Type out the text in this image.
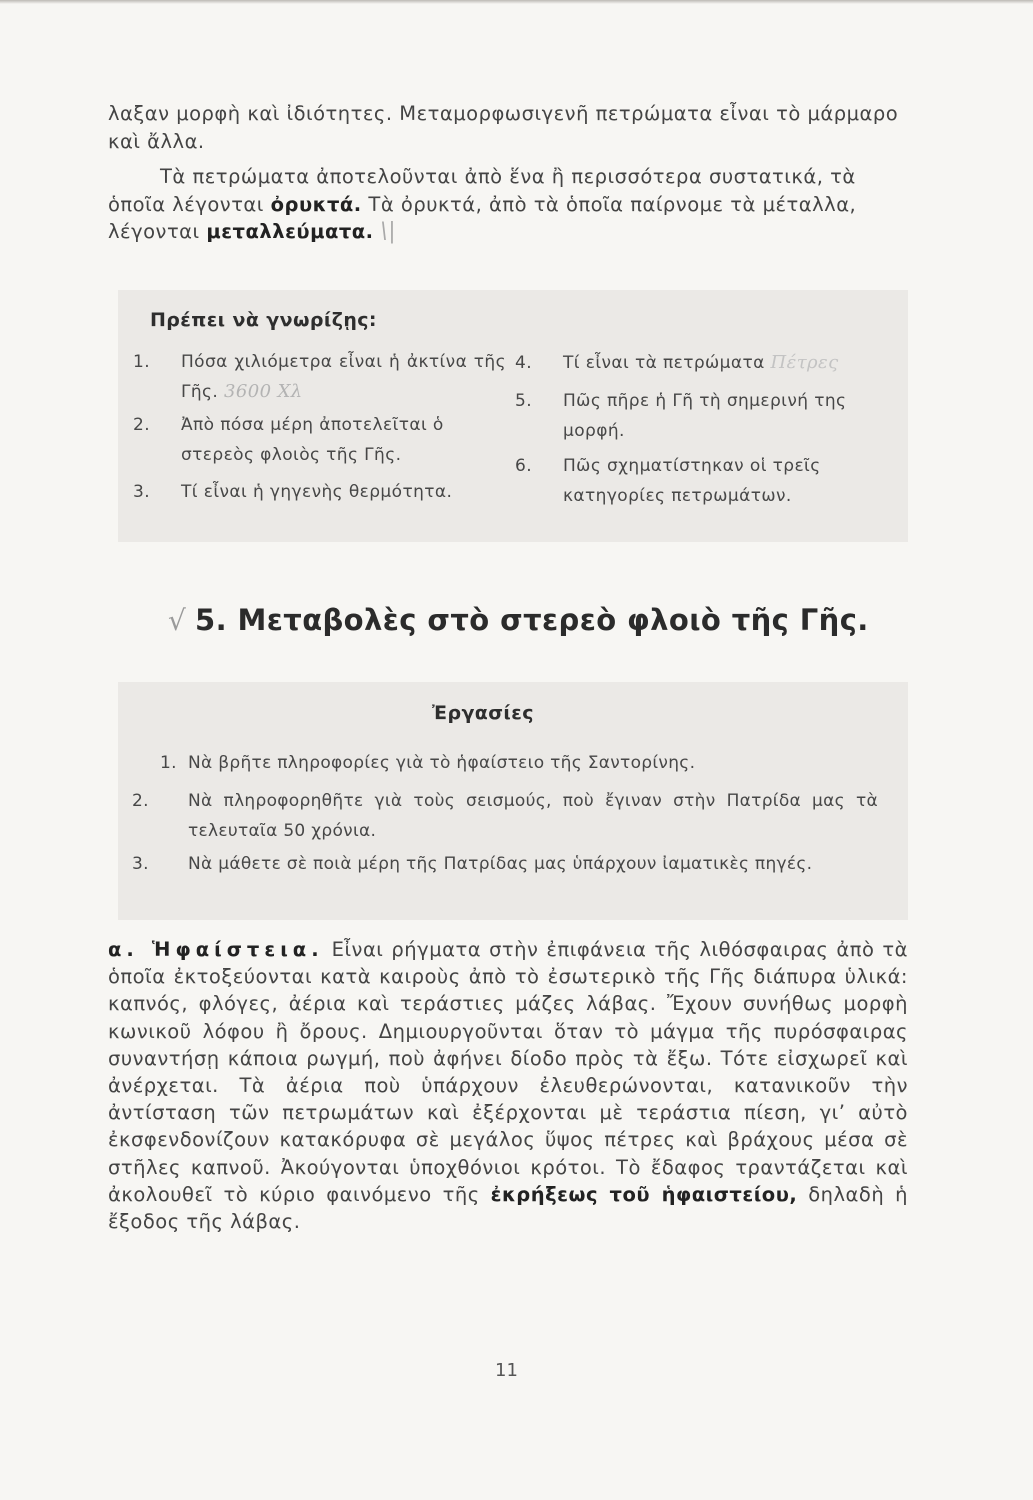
λαξαν μορφὴ καὶ ἰδιότητες. Μεταμορφωσιγενῆ πετρώματα εἶναι τὸ μάρμαρο καὶ ἄλλα.

Τὰ πετρώματα ἀποτελοῦνται ἀπὸ ἕνα ἢ περισσότερα συστατικά, τὰ ὁποῖα λέγονται ὀρυκτά. Τὰ ὀρυκτά, ἀπὸ τὰ ὁποῖα παίρνομε τὰ μέταλλα, λέγονται μεταλλεύματα. \|

Πρέπει νὰ γνωρίζῃς:
1. Πόσα χιλιόμετρα εἶναι ἡ ἀκτίνα τῆς Γῆς. 3600 Χλ
2. Ἀπὸ πόσα μέρη ἀποτελεῖται ὁ στερεὸς φλοιὸς τῆς Γῆς.
3. Τί εἶναι ἡ γηγενὴς θερμότητα.
4. Τί εἶναι τὰ πετρώματα Πέτρες
5. Πῶς πῆρε ἡ Γῆ τὴ σημερινή της μορφή.
6. Πῶς σχηματίστηκαν οἱ τρεῖς κατηγορίες πετρωμάτων.
√ 5. Μεταβολὲς στὸ στερεὸ φλοιὸ τῆς Γῆς.
Ἐργασίες
1. Νὰ βρῆτε πληροφορίες γιὰ τὸ ἡφαίστειο τῆς Σαντορίνης.
2. Νὰ πληροφορηθῆτε γιὰ τοὺς σεισμούς, ποὺ ἔγιναν στὴν Πατρίδα μας τὰ τελευταῖα 50 χρόνια.
3. Νὰ μάθετε σὲ ποιὰ μέρη τῆς Πατρίδας μας ὑπάρχουν ἰαματικὲς πηγές.

α. Ἡφαίστεια. Εἶναι ρήγματα στὴν ἐπιφάνεια τῆς λιθόσφαιρας ἀπὸ τὰ ὁποῖα ἐκτοξεύονται κατὰ καιροὺς ἀπὸ τὸ ἐσωτερικὸ τῆς Γῆς διάπυρα ὑλικά: καπνός, φλόγες, ἀέρια καὶ τεράστιες μάζες λάβας. Ἔχουν συνήθως μορφὴ κωνικοῦ λόφου ἢ ὄρους. Δημιουργοῦνται ὅταν τὸ μάγμα τῆς πυρόσφαιρας συναντήσῃ κάποια ρωγμή, ποὺ ἀφήνει δίοδο πρὸς τὰ ἔξω. Τότε εἰσχωρεῖ καὶ ἀνέρχεται. Τὰ ἀέρια ποὺ ὑπάρχουν ἐλευθερώνονται, κατανικοῦν τὴν ἀντίσταση τῶν πετρωμάτων καὶ ἐξέρχονται μὲ τεράστια πίεση, γι’ αὐτὸ ἐκσφενδονίζουν κατακόρυφα σὲ μεγάλος ὕψος πέτρες καὶ βράχους μέσα σὲ στῆλες καπνοῦ. Ἀκούγονται ὑποχθόνιοι κρότοι. Τὸ ἔδαφος τραντάζεται καὶ ἀκολουθεῖ τὸ κύριο φαινόμενο τῆς ἐκρήξεως τοῦ ἡφαιστείου, δηλαδὴ ἡ ἔξοδος τῆς λάβας.

11
